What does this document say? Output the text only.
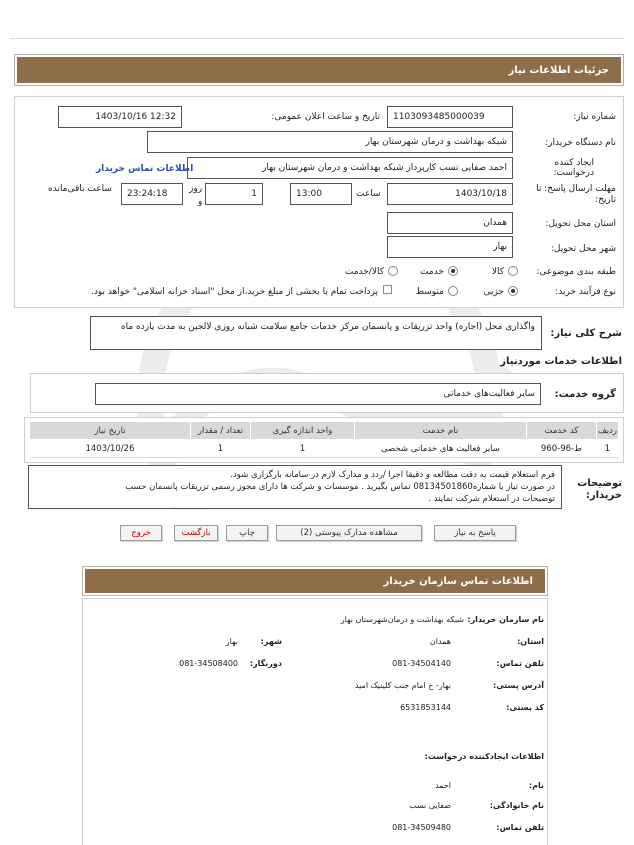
جزئیات اطلاعات نیاز
شماره نیاز:
1103093485000039
تاریخ و ساعت اعلان عمومی:
1403/10/16 12:32
نام دستگاه خریدار:
شبکه بهداشت و درمان شهرستان بهار
ایجاد کننده
درخواست:
احمد صفایی نسب کارپرداز شبکه بهداشت و درمان شهرستان بهار
اطلاعات تماس خریدار
مهلت ارسال پاسخ: تا
تاریخ:
1403/10/18
ساعت
13:00
1
روز
و
23:24:18
ساعت باقی‌مانده
استان محل تحویل:
همدان
شهر محل تحویل:
بهار
طبقه بندی موضوعی:
کالا
خدمت
کالا/خدمت
نوع فرآیند خرید:
جزیی
متوسط
پرداخت تمام یا بخشی از مبلغ خرید،از محل "اسناد خزانه اسلامی" خواهد بود.
شرح کلی نیاز:
واگذاری محل (اجاره) واحد تزریقات و پانسمان مرکز خدمات جامع سلامت شبانه روزی لالجین به مدت یازده ماه
اطلاعات خدمات موردنیاز
گروه خدمت:
سایر فعالیت‌های خدماتی
ردیف	کد خدمت	نام خدمت	واحد اندازه گیری	تعداد / مقدار	تاریخ نیاز
1	ط-96-960	سایر فعالیت های خدماتی شخصی	1	1	1403/10/26
توضیحات
خریدار:
فرم استعلام قیمت به دقت مطالعه و دقیقا اجرا /ردد و مدارک لازم در سامانه بارگزاری شود.
در صورت نیاز با شماره08134501860 تماس بگیرید . موسسات و شرکت ها دارای مجوز رسمی تزریقات پانسمان حسب
توضیحات در استعلام شرکت نمایند .
پاسخ به نیاز
مشاهده مدارک پیوستی (2)
چاپ
بازگشت
خروج
اطلاعات تماس سازمان خریدار
نام سازمان خریدار:
شبکه بهداشت و درمان‌شهرستان بهار
استان:
همدان
شهر:
بهار
تلفن تماس:
081-34504140
دورنگار:
081-34508400
آدرس پستی:
بهار- خ امام جنب کلینیک امید
کد پستی:
6531853144
اطلاعات ایجادکننده درخواست:
نام:
احمد
نام خانوادگی:
صفایی نسب
تلفن تماس:
081-34509480
